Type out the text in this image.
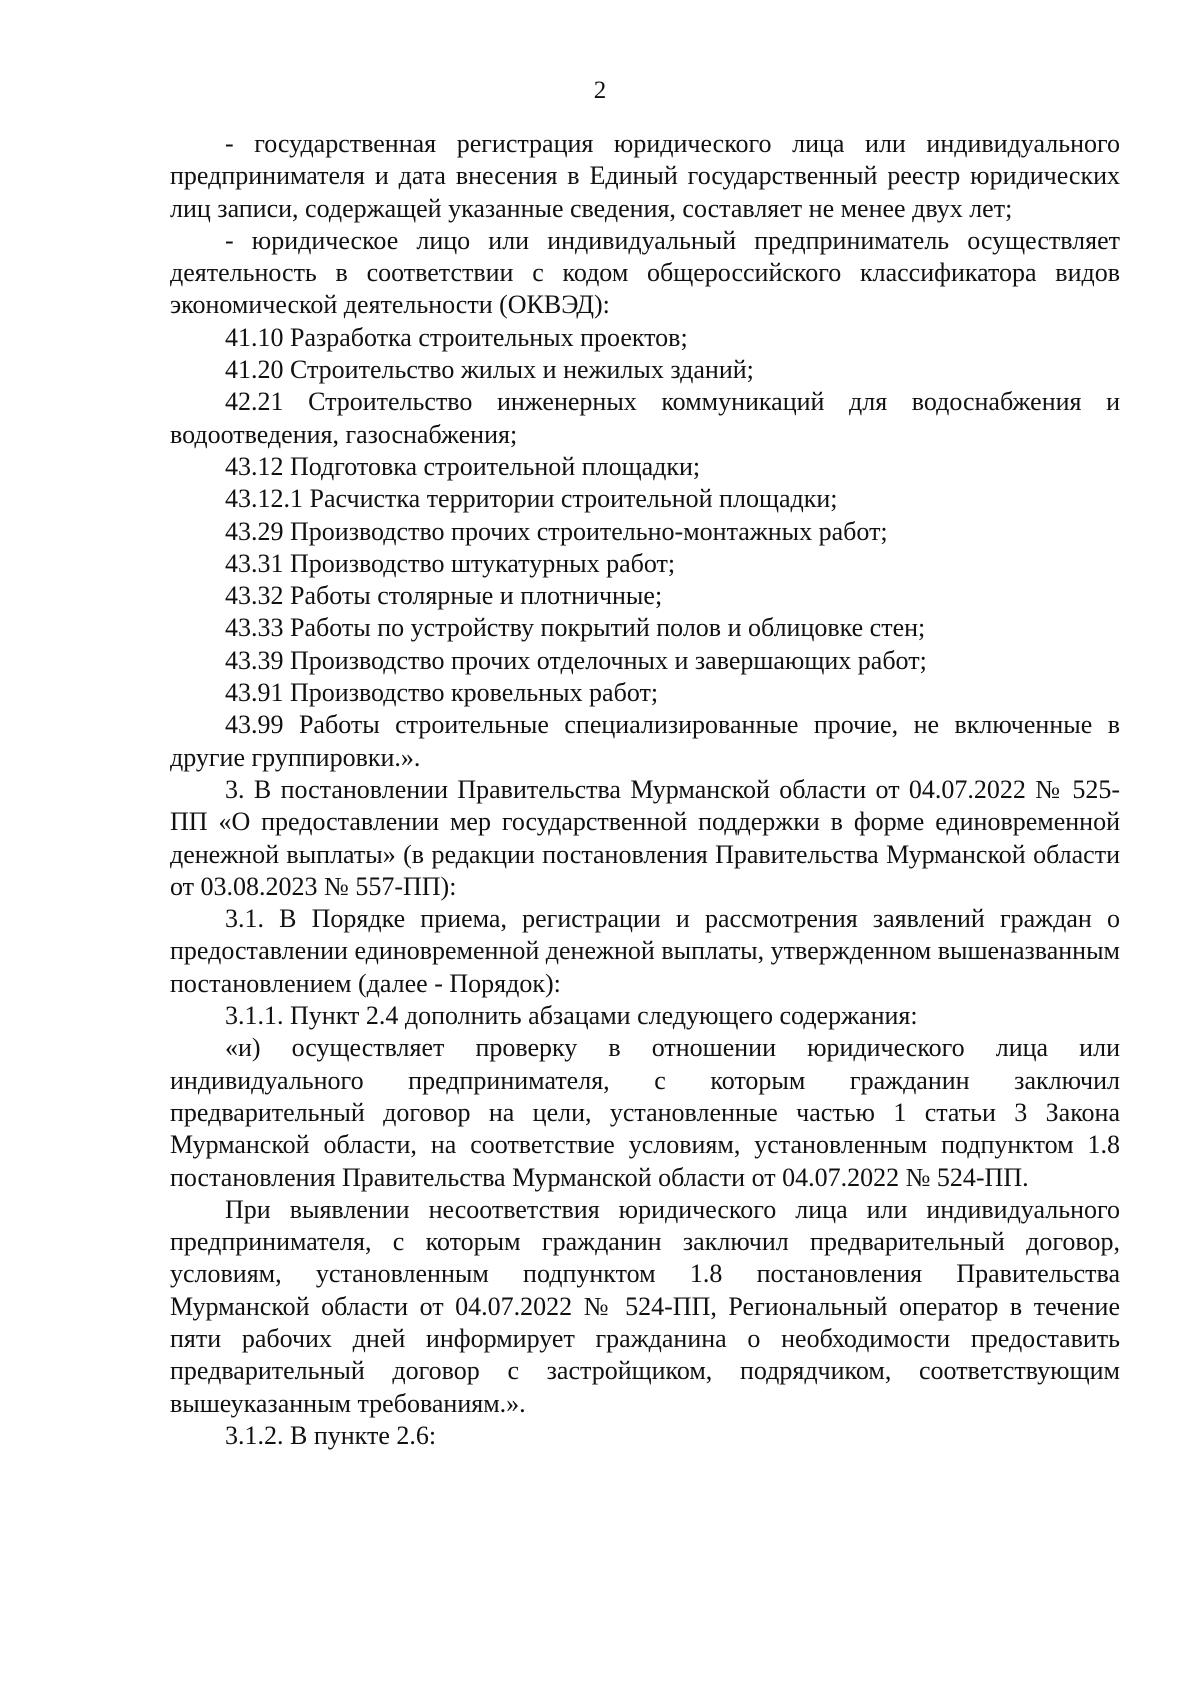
2

- государственная регистрация юридического лица или индивидуального предпринимателя и дата внесения в Единый государственный реестр юридических лиц записи, содержащей указанные сведения, составляет не менее двух лет;

- юридическое лицо или индивидуальный предприниматель осуществляет деятельность в соответствии с кодом общероссийского классификатора видов экономической деятельности (ОКВЭД):

41.10 Разработка строительных проектов;

41.20 Строительство жилых и нежилых зданий;

42.21 Строительство инженерных коммуникаций для водоснабжения и водоотведения, газоснабжения;

43.12 Подготовка строительной площадки;

43.12.1 Расчистка территории строительной площадки;

43.29 Производство прочих строительно-монтажных работ;

43.31 Производство штукатурных работ;

43.32 Работы столярные и плотничные;

43.33 Работы по устройству покрытий полов и облицовке стен;

43.39 Производство прочих отделочных и завершающих работ;

43.91 Производство кровельных работ;

43.99 Работы строительные специализированные прочие, не включенные в другие группировки.».

3. В постановлении Правительства Мурманской области от 04.07.2022 № 525-ПП «О предоставлении мер государственной поддержки в форме единовременной денежной выплаты» (в редакции постановления Правительства Мурманской области от 03.08.2023 № 557-ПП):

3.1. В Порядке приема, регистрации и рассмотрения заявлений граждан о предоставлении единовременной денежной выплаты, утвержденном вышеназванным постановлением (далее - Порядок):

3.1.1. Пункт 2.4 дополнить абзацами следующего содержания:

«и) осуществляет проверку в отношении юридического лица или индивидуального предпринимателя, с которым гражданин заключил предварительный договор на цели, установленные частью 1 статьи 3 Закона Мурманской области, на соответствие условиям, установленным подпунктом 1.8 постановления Правительства Мурманской области от 04.07.2022 № 524-ПП.

При выявлении несоответствия юридического лица или индивидуального предпринимателя, с которым гражданин заключил предварительный договор, условиям, установленным подпунктом 1.8 постановления Правительства Мурманской области от 04.07.2022 № 524-ПП, Региональный оператор в течение пяти рабочих дней информирует гражданина о необходимости предоставить предварительный договор с застройщиком, подрядчиком, соответствующим вышеуказанным требованиям.».

3.1.2. В пункте 2.6:
